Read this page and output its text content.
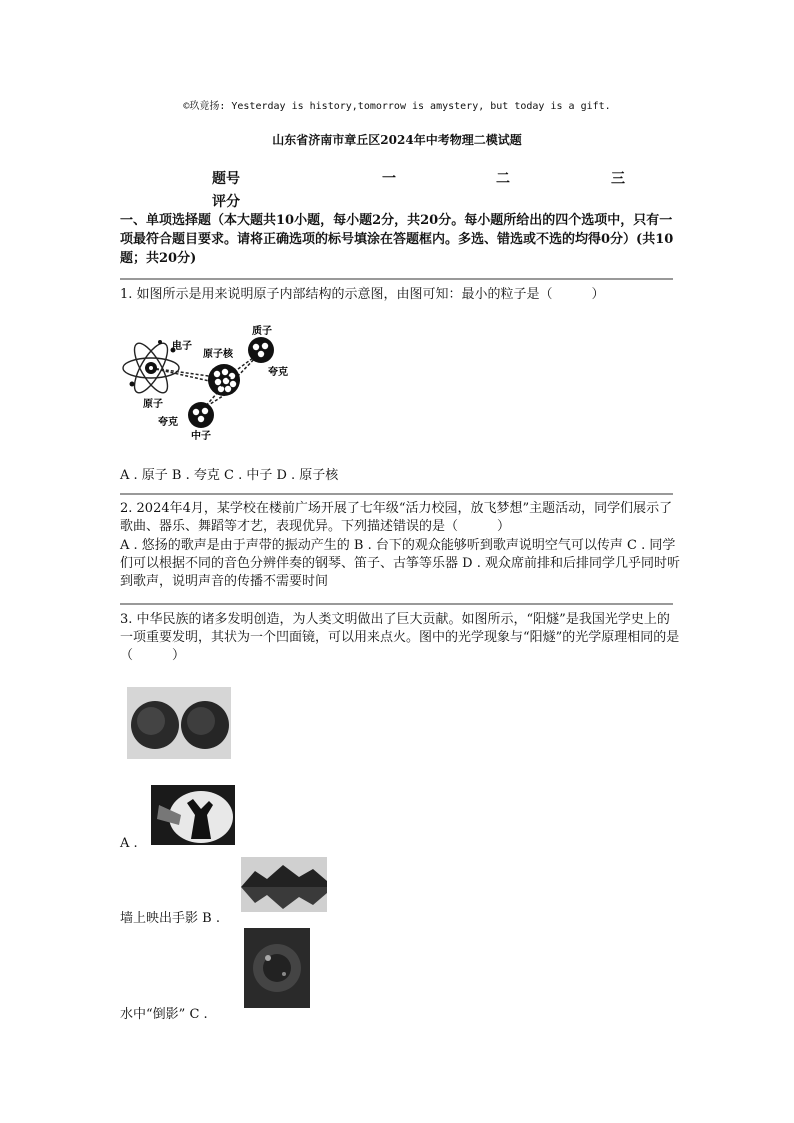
©玖竟扬: Yesterday is history,tomorrow is amystery, but today is a gift.
山东省济南市章丘区2024年中考物理二模试题
题号
评分
一	二	三
一、单项选择题（本大题共10小题，每小题2分，共20分。每小题所给出的四个选项中，只有一项最符合题目要求。请将正确选项的标号填涂在答题框内。多选、错选或不选的均得0分）(共10题；共20分)
1. 如图所示是用来说明原子内部结构的示意图，由图可知：最小的粒子是（　　　）
电子
原子核
质子
夸克
原子
夸克
中子
A . 原子 B . 夸克 C . 中子 D . 原子核
2. 2024年4月，某学校在楼前广场开展了七年级“活力校园，放飞梦想”主题活动，同学们展示了歌曲、器乐、舞蹈等才艺，表现优异。下列描述错误的是（　　　）
A . 悠扬的歌声是由于声带的振动产生的 B . 台下的观众能够听到歌声说明空气可以传声 C . 同学们可以根据不同的音色分辨伴奏的钢琴、笛子、古筝等乐器 D . 观众席前排和后排同学几乎同时听到歌声，说明声音的传播不需要时间
3. 中华民族的诸多发明创造，为人类文明做出了巨大贡献。如图所示，“阳燧”是我国光学史上的一项重要发明，其状为一个凹面镜，可以用来点火。图中的光学现象与“阳燧”的光学原理相同的是（　　　）
A .
墙上映出手影 B .
水中“倒影” C .
